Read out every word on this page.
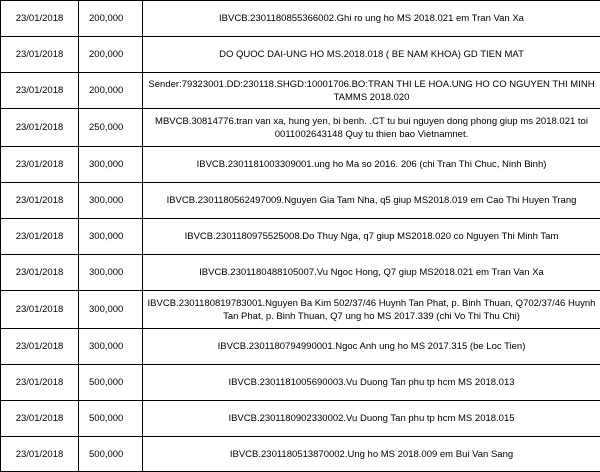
23/01/2018	200,000	IBVCB.2301180855366002.Ghi ro ung ho MS 2018.021 em Tran Van Xa
23/01/2018	200,000	DO QUOC DAI-UNG HO MS.2018.018 ( BE NAM KHOA) GD TIEN MAT
23/01/2018	200,000	Sender:79323001.DD:230118.SHGD:10001706.BO:TRAN THI LE HOA.UNG HO CO NGUYEN THI MINH TAMMS 2018.020
23/01/2018	250,000	MBVCB.30814776.tran van xa, hung yen, bi benh. .CT tu bui nguyen dong phong giup ms 2018.021 toi 0011002643148 Quy tu thien bao Vietnamnet.
23/01/2018	300,000	IBVCB.2301181003309001.ung ho Ma so 2016. 206 (chi Tran Thi Chuc, Ninh Binh)
23/01/2018	300,000	IBVCB.2301180562497009.Nguyen Gia Tam Nha, q5 giup MS2018.019 em Cao Thi Huyen Trang
23/01/2018	300,000	IBVCB.2301180975525008.Do Thuy Nga, q7 giup MS2018.020 co Nguyen Thi Minh Tam
23/01/2018	300,000	IBVCB.2301180488105007.Vu Ngoc Hong, Q7 giup MS2018.021 em Tran Van Xa
23/01/2018	300,000	IBVCB.2301180819783001.Nguyen Ba Kim 502/37/46 Huynh Tan Phat, p. Binh Thuan, Q702/37/46 Huynh Tan Phat, p. Binh Thuan, Q7 ung ho MS 2017.339 (chi Vo Thi Thu Chi)
23/01/2018	300,000	IBVCB.2301180794990001.Ngoc Anh ung ho MS 2017.315 (be Loc Tien)
23/01/2018	500,000	IBVCB.2301181005690003.Vu Duong Tan phu tp hcm MS 2018.013
23/01/2018	500,000	IBVCB.2301180902330002.Vu Duong Tan phu tp hcm MS 2018.015
23/01/2018	500,000	IBVCB.2301180513870002.Ung ho MS 2018.009 em Bui Van Sang
